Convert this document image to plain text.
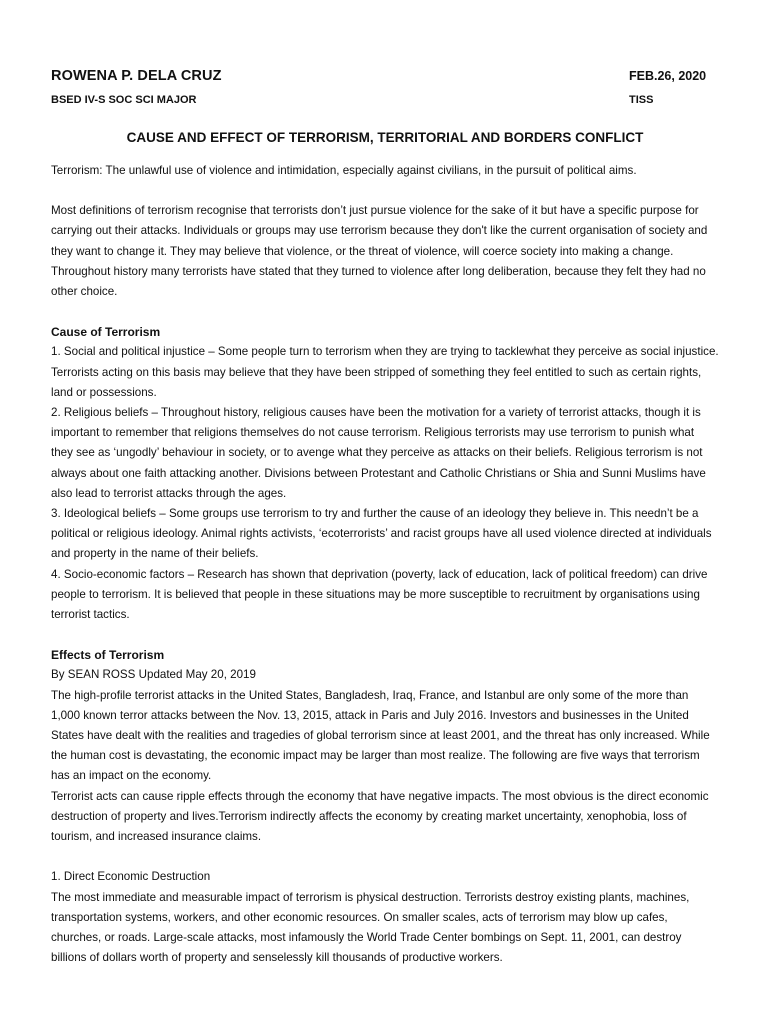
ROWENA P. DELA CRUZ	FEB.26, 2020
BSED IV-S SOC SCI MAJOR	TISS
CAUSE AND EFFECT OF TERRORISM, TERRITORIAL AND BORDERS CONFLICT

Terrorism: The unlawful use of violence and intimidation, especially against civilians, in the pursuit of political aims.

Most definitions of terrorism recognise that terrorists don’t just pursue violence for the sake of it but have a specific purpose for carrying out their attacks. Individuals or groups may use terrorism because they don't like the current organisation of society and they want to change it. They may believe that violence, or the threat of violence, will coerce society into making a change.

Throughout history many terrorists have stated that they turned to violence after long deliberation, because they felt they had no other choice.

Cause of Terrorism

1. Social and political injustice – Some people turn to terrorism when they are trying to tacklewhat they perceive as social injustice. Terrorists acting on this basis may believe that they have been stripped of something they feel entitled to such as certain rights, land or possessions.

2. Religious beliefs – Throughout history, religious causes have been the motivation for a variety of terrorist attacks, though it is important to remember that religions themselves do not cause terrorism. Religious terrorists may use terrorism to punish what they see as ‘ungodly’ behaviour in society, or to avenge what they perceive as attacks on their beliefs. Religious terrorism is not always about one faith attacking another. Divisions between Protestant and Catholic Christians or Shia and Sunni Muslims have also lead to terrorist attacks through the ages.

3. Ideological beliefs – Some groups use terrorism to try and further the cause of an ideology they believe in. This needn’t be a political or religious ideology. Animal rights activists, ‘ecoterrorists’ and racist groups have all used violence directed at individuals and property in the name of their beliefs.

4. Socio-economic factors – Research has shown that deprivation (poverty, lack of education, lack of political freedom) can drive people to terrorism. It is believed that people in these situations may be more susceptible to recruitment by organisations using terrorist tactics.

Effects of Terrorism

By SEAN ROSS Updated May 20, 2019

The high-profile terrorist attacks in the United States, Bangladesh, Iraq, France, and Istanbul are only some of the more than 1,000 known terror attacks between the Nov. 13, 2015, attack in Paris and July 2016. Investors and businesses in the United States have dealt with the realities and tragedies of global terrorism since at least 2001, and the threat has only increased. While the human cost is devastating, the economic impact may be larger than most realize. The following are five ways that terrorism has an impact on the economy.

Terrorist acts can cause ripple effects through the economy that have negative impacts. The most obvious is the direct economic destruction of property and lives.Terrorism indirectly affects the economy by creating market uncertainty, xenophobia, loss of tourism, and increased insurance claims.

1. Direct Economic Destruction

The most immediate and measurable impact of terrorism is physical destruction. Terrorists destroy existing plants, machines, transportation systems, workers, and other economic resources. On smaller scales, acts of terrorism may blow up cafes, churches, or roads. Large-scale attacks, most infamously the World Trade Center bombings on Sept. 11, 2001, can destroy billions of dollars worth of property and senselessly kill thousands of productive workers.
